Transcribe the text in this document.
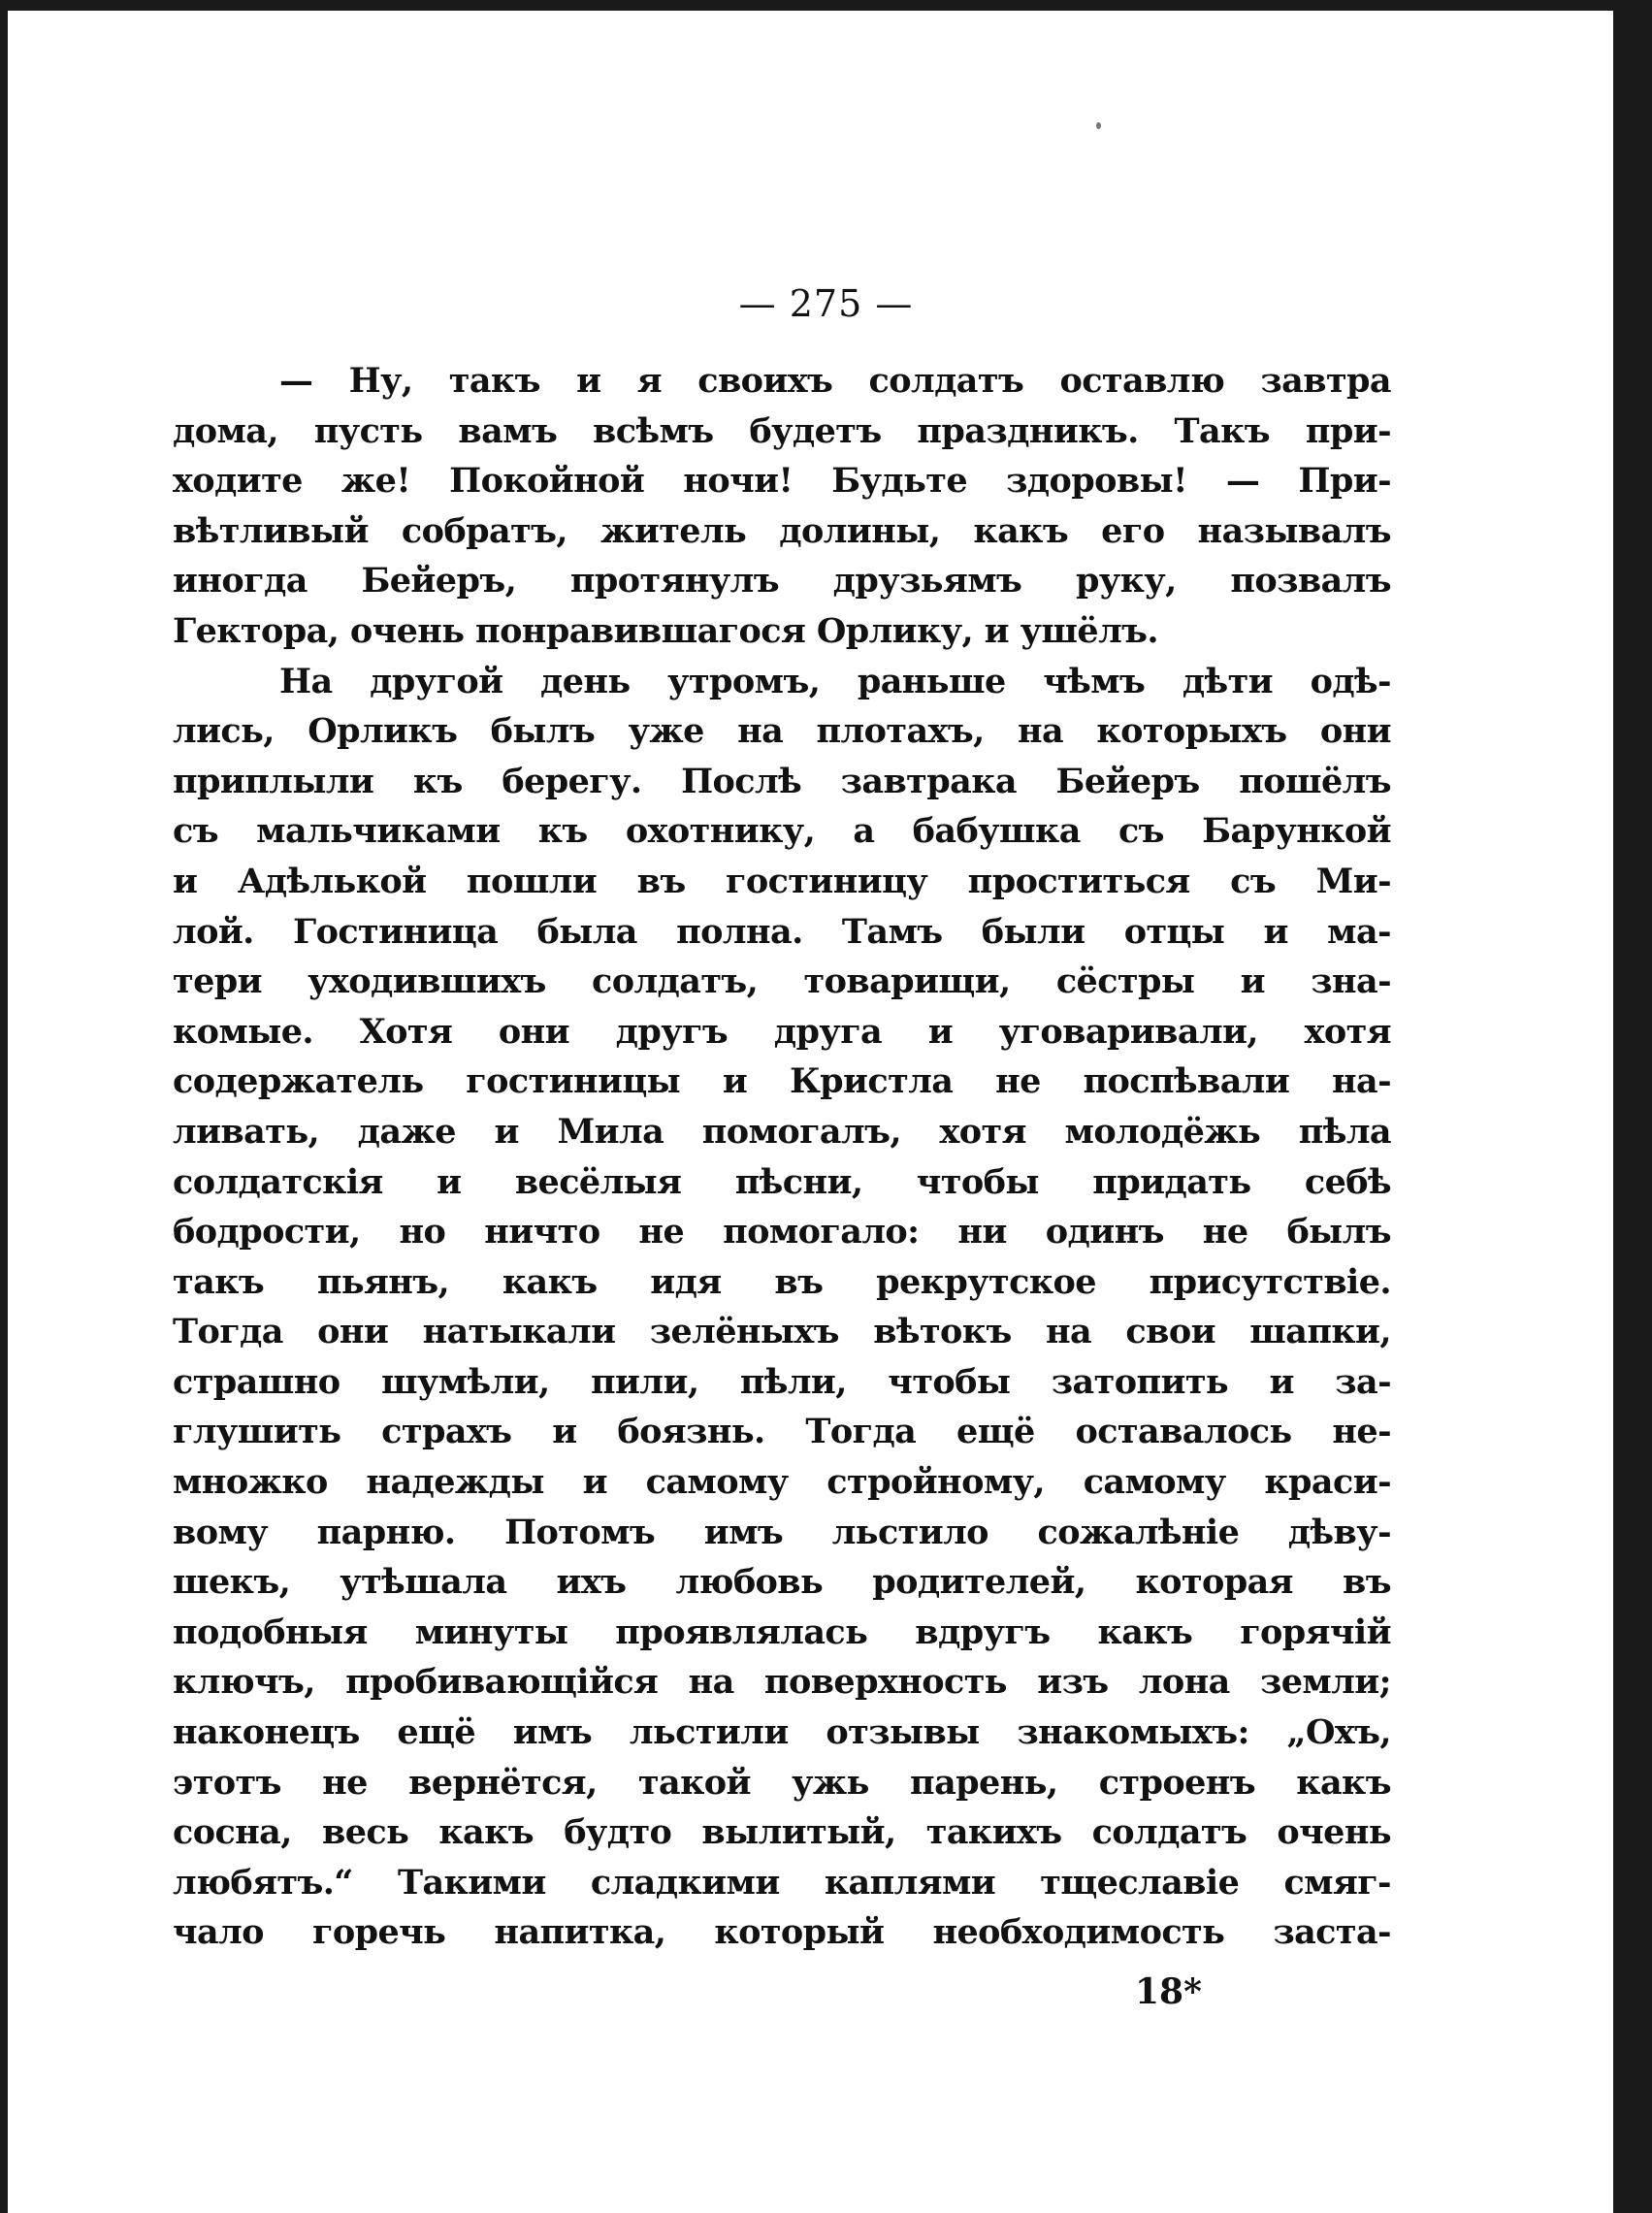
— 275 —
— Ну, такъ и я своихъ солдатъ оставлю завтра
дома, пусть вамъ всѣмъ будетъ праздникъ. Такъ при-
ходите же! Покойной ночи! Будьте здоровы! — При-
вѣтливый собратъ, житель долины, какъ его называлъ
иногда Бейеръ, протянулъ друзьямъ руку, позвалъ
Гектора, очень понравившагося Орлику, и ушёлъ.
На другой день утромъ, раньше чѣмъ дѣти одѣ-
лись, Орликъ былъ уже на плотахъ, на которыхъ они
приплыли къ берегу. Послѣ завтрака Бейеръ пошёлъ
съ мальчиками къ охотнику, а бабушка съ Барункой
и Адѣлькой пошли въ гостиницу проститься съ Ми-
лой. Гостиница была полна. Тамъ были отцы и ма-
тери уходившихъ солдатъ, товарищи, сёстры и зна-
комые. Хотя они другъ друга и уговаривали, хотя
содержатель гостиницы и Кристла не поспѣвали на-
ливать, даже и Мила помогалъ, хотя молодёжь пѣла
солдатскія и весёлыя пѣсни, чтобы придать себѣ
бодрости, но ничто не помогало: ни одинъ не былъ
такъ пьянъ, какъ идя въ рекрутское присутствіе.
Тогда они натыкали зелёныхъ вѣтокъ на свои шапки,
страшно шумѣли, пили, пѣли, чтобы затопить и за-
глушить страхъ и боязнь. Тогда ещё оставалось не-
множко надежды и самому стройному, самому краси-
вому парню. Потомъ имъ льстило сожалѣніе дѣву-
шекъ, утѣшала ихъ любовь родителей, которая въ
подобныя минуты проявлялась вдругъ какъ горячій
ключъ, пробивающійся на поверхность изъ лона земли;
наконецъ ещё имъ льстили отзывы знакомыхъ: „Охъ,
этотъ не вернётся, такой ужь парень, строенъ какъ
сосна, весь какъ будто вылитый, такихъ солдатъ очень
любятъ.“ Такими сладкими каплями тщеславіе смяг-
чало горечь напитка, который необходимость заста-
18*
